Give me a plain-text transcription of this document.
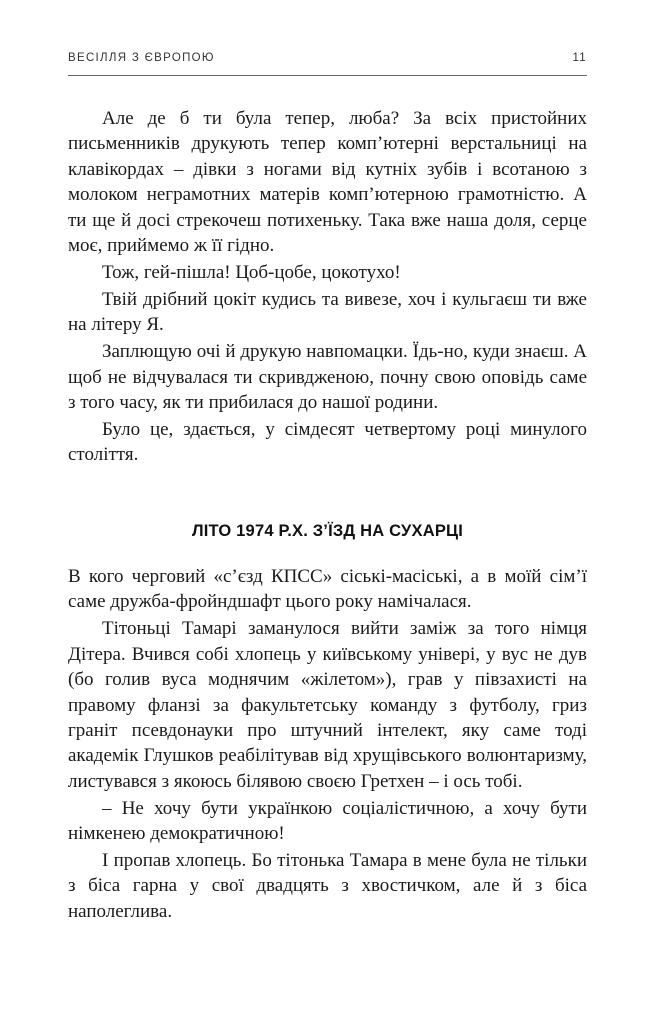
ВЕСІЛЛЯ З ЄВРОПОЮ	11

Але де б ти була тепер, люба? За всіх пристойних письменників друкують тепер комп’ютерні верстальниці на клавікордах – дівки з ногами від кутніх зубів і всотаною з молоком неграмотних матерів комп’ютерною грамотністю. А ти ще й досі стрекочеш потихеньку. Така вже наша доля, серце моє, приймемо ж її гідно.

Тож, гей-пішла! Цоб-цобе, цокотухо!

Твій дрібний цокіт кудись та вивезе, хоч і кульгаєш ти вже на літеру Я.

Заплющую очі й друкую навпомацки. Їдь-но, куди знаєш. А щоб не відчувалася ти скривдженою, почну свою оповідь саме з того часу, як ти прибилася до нашої родини.

Було це, здається, у сімдесят четвертому році минулого століття.

ЛІТО 1974 Р.Х. З’ЇЗД НА СУХАРЦІ

В кого черговий «с’єзд КПСС» сіські-масіські, а в моїй сім’ї саме дружба-фройндшафт цього року намічалася.

Тітоньці Тамарі заманулося вийти заміж за того німця Дітера. Вчився собі хлопець у київському універі, у вус не дув (бо голив вуса моднячим «жілетом»), грав у півзахисті на правому фланзі за факультетську команду з футболу, гриз граніт псевдонауки про штучний інтелект, яку саме тоді академік Глушков реабілітував від хрущівського волюнтаризму, листувався з якоюсь білявою своєю Гретхен – і ось тобі.

– Не хочу бути українкою соціалістичною, а хочу бути німкенею демократичною!

І пропав хлопець. Бо тітонька Тамара в мене була не тільки з біса гарна у свої двадцять з хвостичком, але й з біса наполеглива.
